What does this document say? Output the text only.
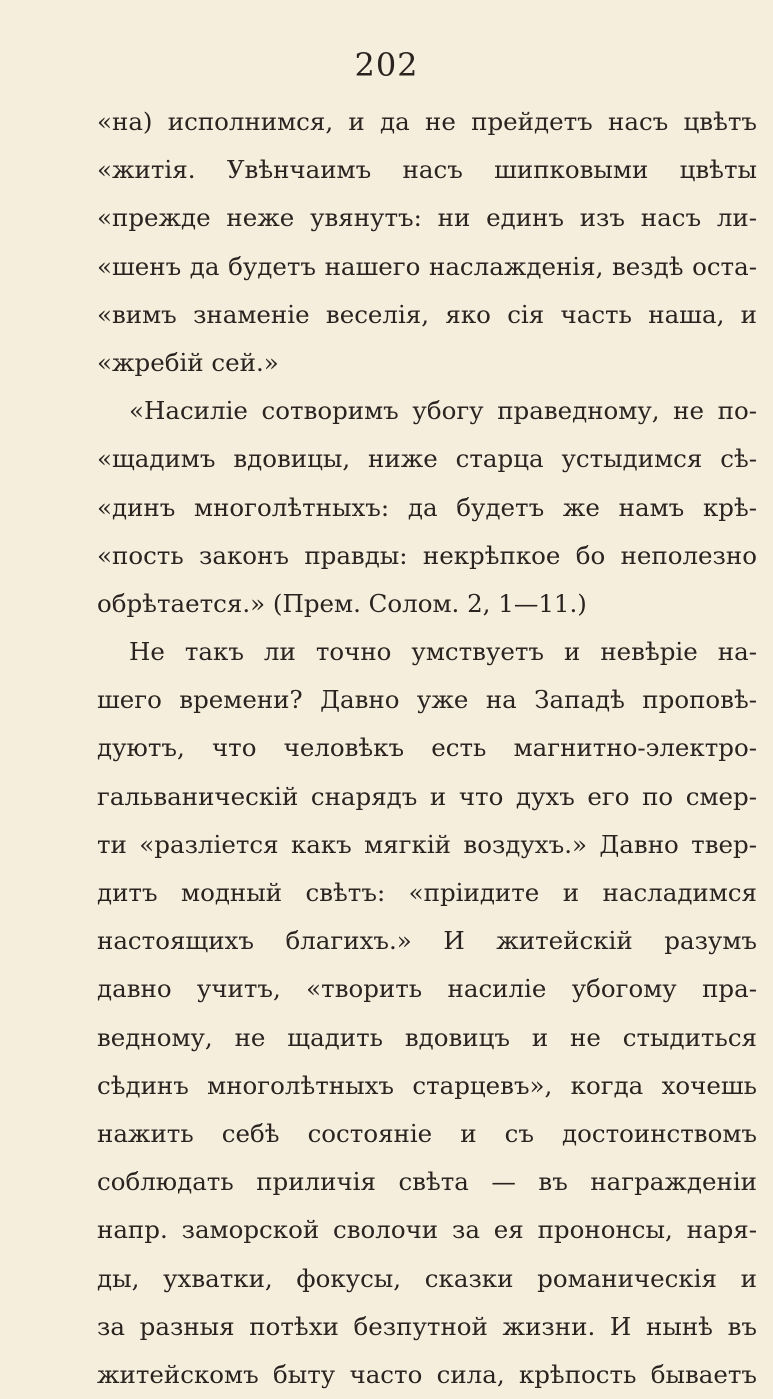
202
«на) исполнимся, и да не прейдетъ насъ цвѣтъ
«житія. Увѣнчаимъ насъ шипковыми цвѣты
«прежде неже увянутъ: ни единъ изъ насъ ли-
«шенъ да будетъ нашего наслажденія, вездѣ оста-
«вимъ знаменіе веселія, яко сія часть наша, и
«жребій сей.»
«Насиліе сотворимъ убогу праведному, не по-
«щадимъ вдовицы, ниже старца устыдимся сѣ-
«динъ многолѣтныхъ: да будетъ же намъ крѣ-
«пость законъ правды: некрѣпкое бо неполезно
обрѣтается.» (Прем. Солом. 2, 1—11.)
Не такъ ли точно умствуетъ и невѣріе на-
шего времени? Давно уже на Западѣ проповѣ-
дуютъ, что человѣкъ есть магнитно-электро-
гальваническій снарядъ и что духъ его по смер-
ти «разліется какъ мягкій воздухъ.» Давно твер-
дитъ модный свѣтъ: «пріидите и насладимся
настоящихъ благихъ.» И житейскій разумъ
давно учитъ, «творить насиліе убогому пра-
ведному, не щадить вдовицъ и не стыдиться
сѣдинъ многолѣтныхъ старцевъ», когда хочешь
нажить себѣ состояніе и съ достоинствомъ
соблюдать приличія свѣта — въ награжденіи
напр. заморской сволочи за ея прононсы, наря-
ды, ухватки, фокусы, сказки романическія и
за разныя потѣхи безпутной жизни. И нынѣ въ
житейскомъ быту часто сила, крѣпость бываетъ
